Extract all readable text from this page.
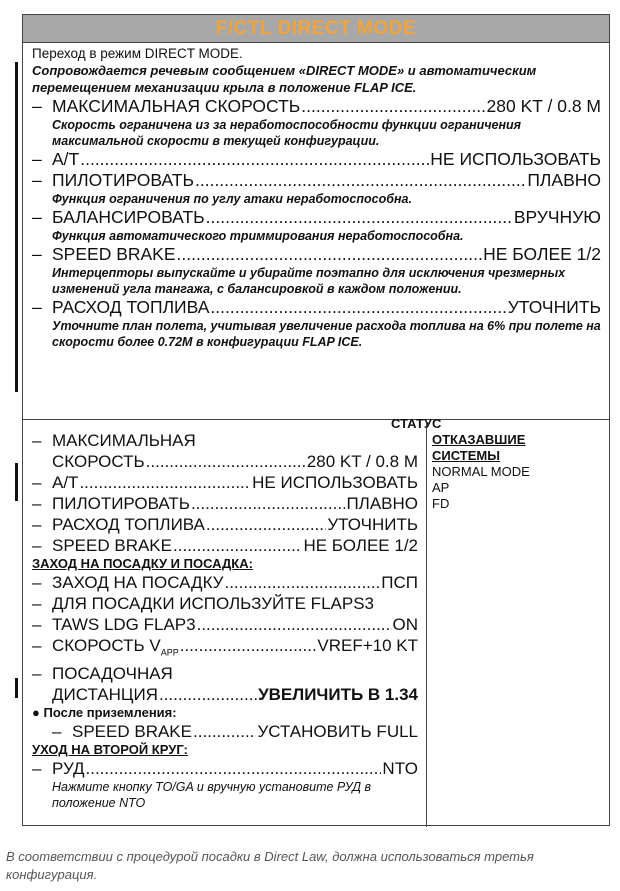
F/CTL DIRECT MODE
Переход в режим DIRECT MODE.
Сопровождается речевым сообщением «DIRECT MODE» и автоматическим перемещением механизации крыла в положение FLAP ICE.
– МАКСИМАЛЬНАЯ СКОРОСТЬ .....	280 KT / 0.8 M
Скорость ограничена из за неработоспособности функции ограничения максимальной скорости в текущей конфигурации.
– A/T .....	НЕ ИСПОЛЬЗОВАТЬ
– ПИЛОТИРОВАТЬ .....	ПЛАВНО
Функция ограничения по углу атаки неработоспособна.
– БАЛАНСИРОВАТЬ .....	ВРУЧНУЮ
Функция автоматического триммирования неработоспособна.
– SPEED BRAKE .....	НЕ БОЛЕЕ 1/2
Интерцепторы выпускайте и убирайте поэтапно для исключения чрезмерных изменений угла тангажа, с балансировкой в каждом положении.
– РАСХОД ТОПЛИВА .....	УТОЧНИТЬ
Уточните план полета, учитывая увеличение расхода топлива на 6% при полете на скорости более 0.72M в конфигурации FLAP ICE.
СТАТУС
– МАКСИМАЛЬНАЯ
СКОРОСТЬ .....	280 KT / 0.8 M
– A/T .....	НЕ ИСПОЛЬЗОВАТЬ
– ПИЛОТИРОВАТЬ .....	ПЛАВНО
– РАСХОД ТОПЛИВА .....	УТОЧНИТЬ
– SPEED BRAKE .....	НЕ БОЛЕЕ 1/2
ЗАХОД НА ПОСАДКУ И ПОСАДКА:
– ЗАХОД НА ПОСАДКУ .....	ПСП
– ДЛЯ ПОСАДКИ ИСПОЛЬЗУЙТЕ FLAPS3
– TAWS LDG FLAP3 .....	ON
– СКОРОСТЬ $V_{APP}$ .....	VREF+10 KT
– ПОСАДОЧНАЯ
ДИСТАНЦИЯ .....	УВЕЛИЧИТЬ В 1.34
● После приземления:
– SPEED BRAKE .....	УСТАНОВИТЬ FULL
УХОД НА ВТОРОЙ КРУГ:
– РУД .....	NTO
Нажмите кнопку TO/GA и вручную установите РУД в положение NTO
ОТКАЗАВШИЕ
СИСТЕМЫ
NORMAL MODE
AP
FD
В соответствии с процедурой посадки в Direct Law, должна использоваться третья конфигурация.
